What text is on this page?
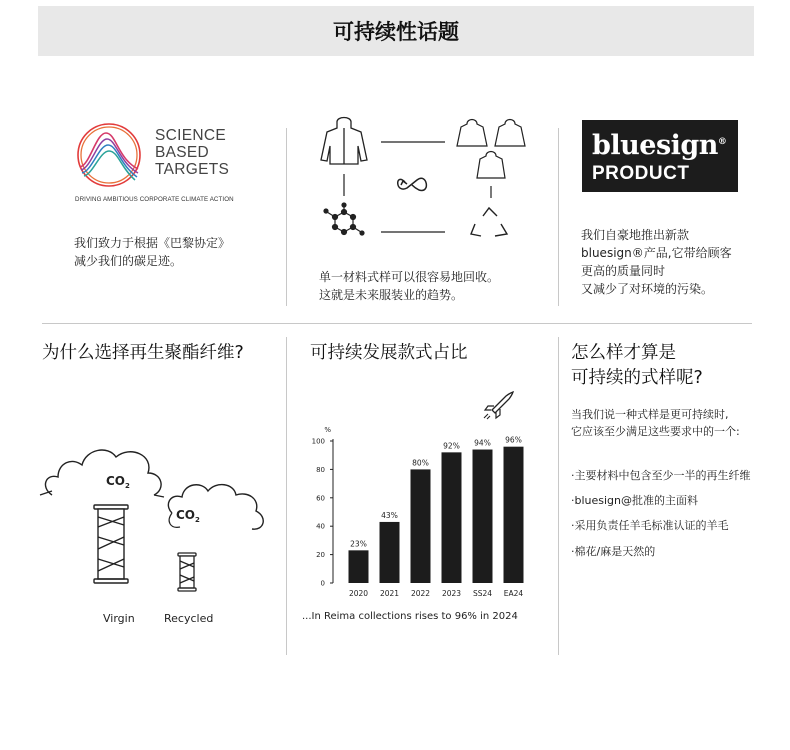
可持续性话题
SCIENCE
BASED
TARGETS
DRIVING AMBITIOUS CORPORATE CLIMATE ACTION
我们致力于根据《巴黎协定》
减少我们的碳足迹。
单一材料式样可以很容易地回收。
这就是未来服装业的趋势。
bluesign®
PRODUCT
我们自豪地推出新款
bluesign®产品,它带给顾客
更高的质量同时
又减少了对环境的污染。
为什么选择再生聚酯纤维?
$CO_2$
$CO_2$
Virgin	Recycled
可持续发展款式占比
%
0
20
40
60
80
100
23%
2020
43%
2021
80%
2022
92%
2023
94%
SS24
96%
EA24
...In Reima collections rises to 96% in 2024
怎么样才算是
可持续的式样呢?
当我们说一种式样是更可持续时,
它应该至少满足这些要求中的一个:
·主要材料中包含至少一半的再生纤维
·bluesign@批准的主面料
·采用负责任羊毛标准认证的羊毛
·棉花/麻是天然的
